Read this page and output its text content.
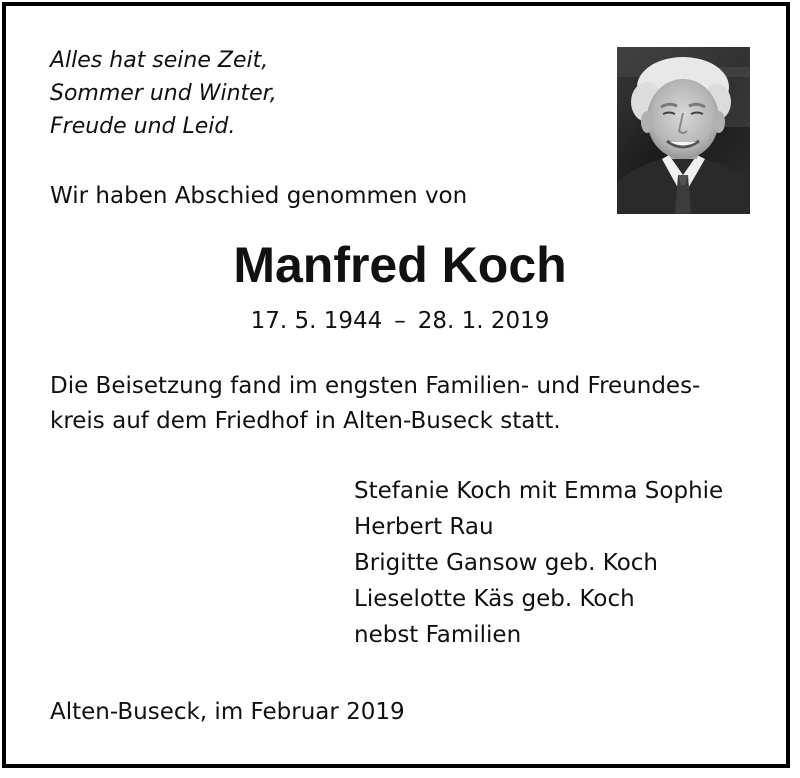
Alles hat seine Zeit,
Sommer und Winter,
Freude und Leid.
Wir haben Abschied genommen von
Manfred Koch
17. 5. 1944 – 28. 1. 2019
Die Beisetzung fand im engsten Familien- und Freundes-
kreis auf dem Friedhof in Alten-Buseck statt.
Stefanie Koch mit Emma Sophie
Herbert Rau
Brigitte Gansow geb. Koch
Lieselotte Käs geb. Koch
nebst Familien
Alten-Buseck, im Februar 2019
